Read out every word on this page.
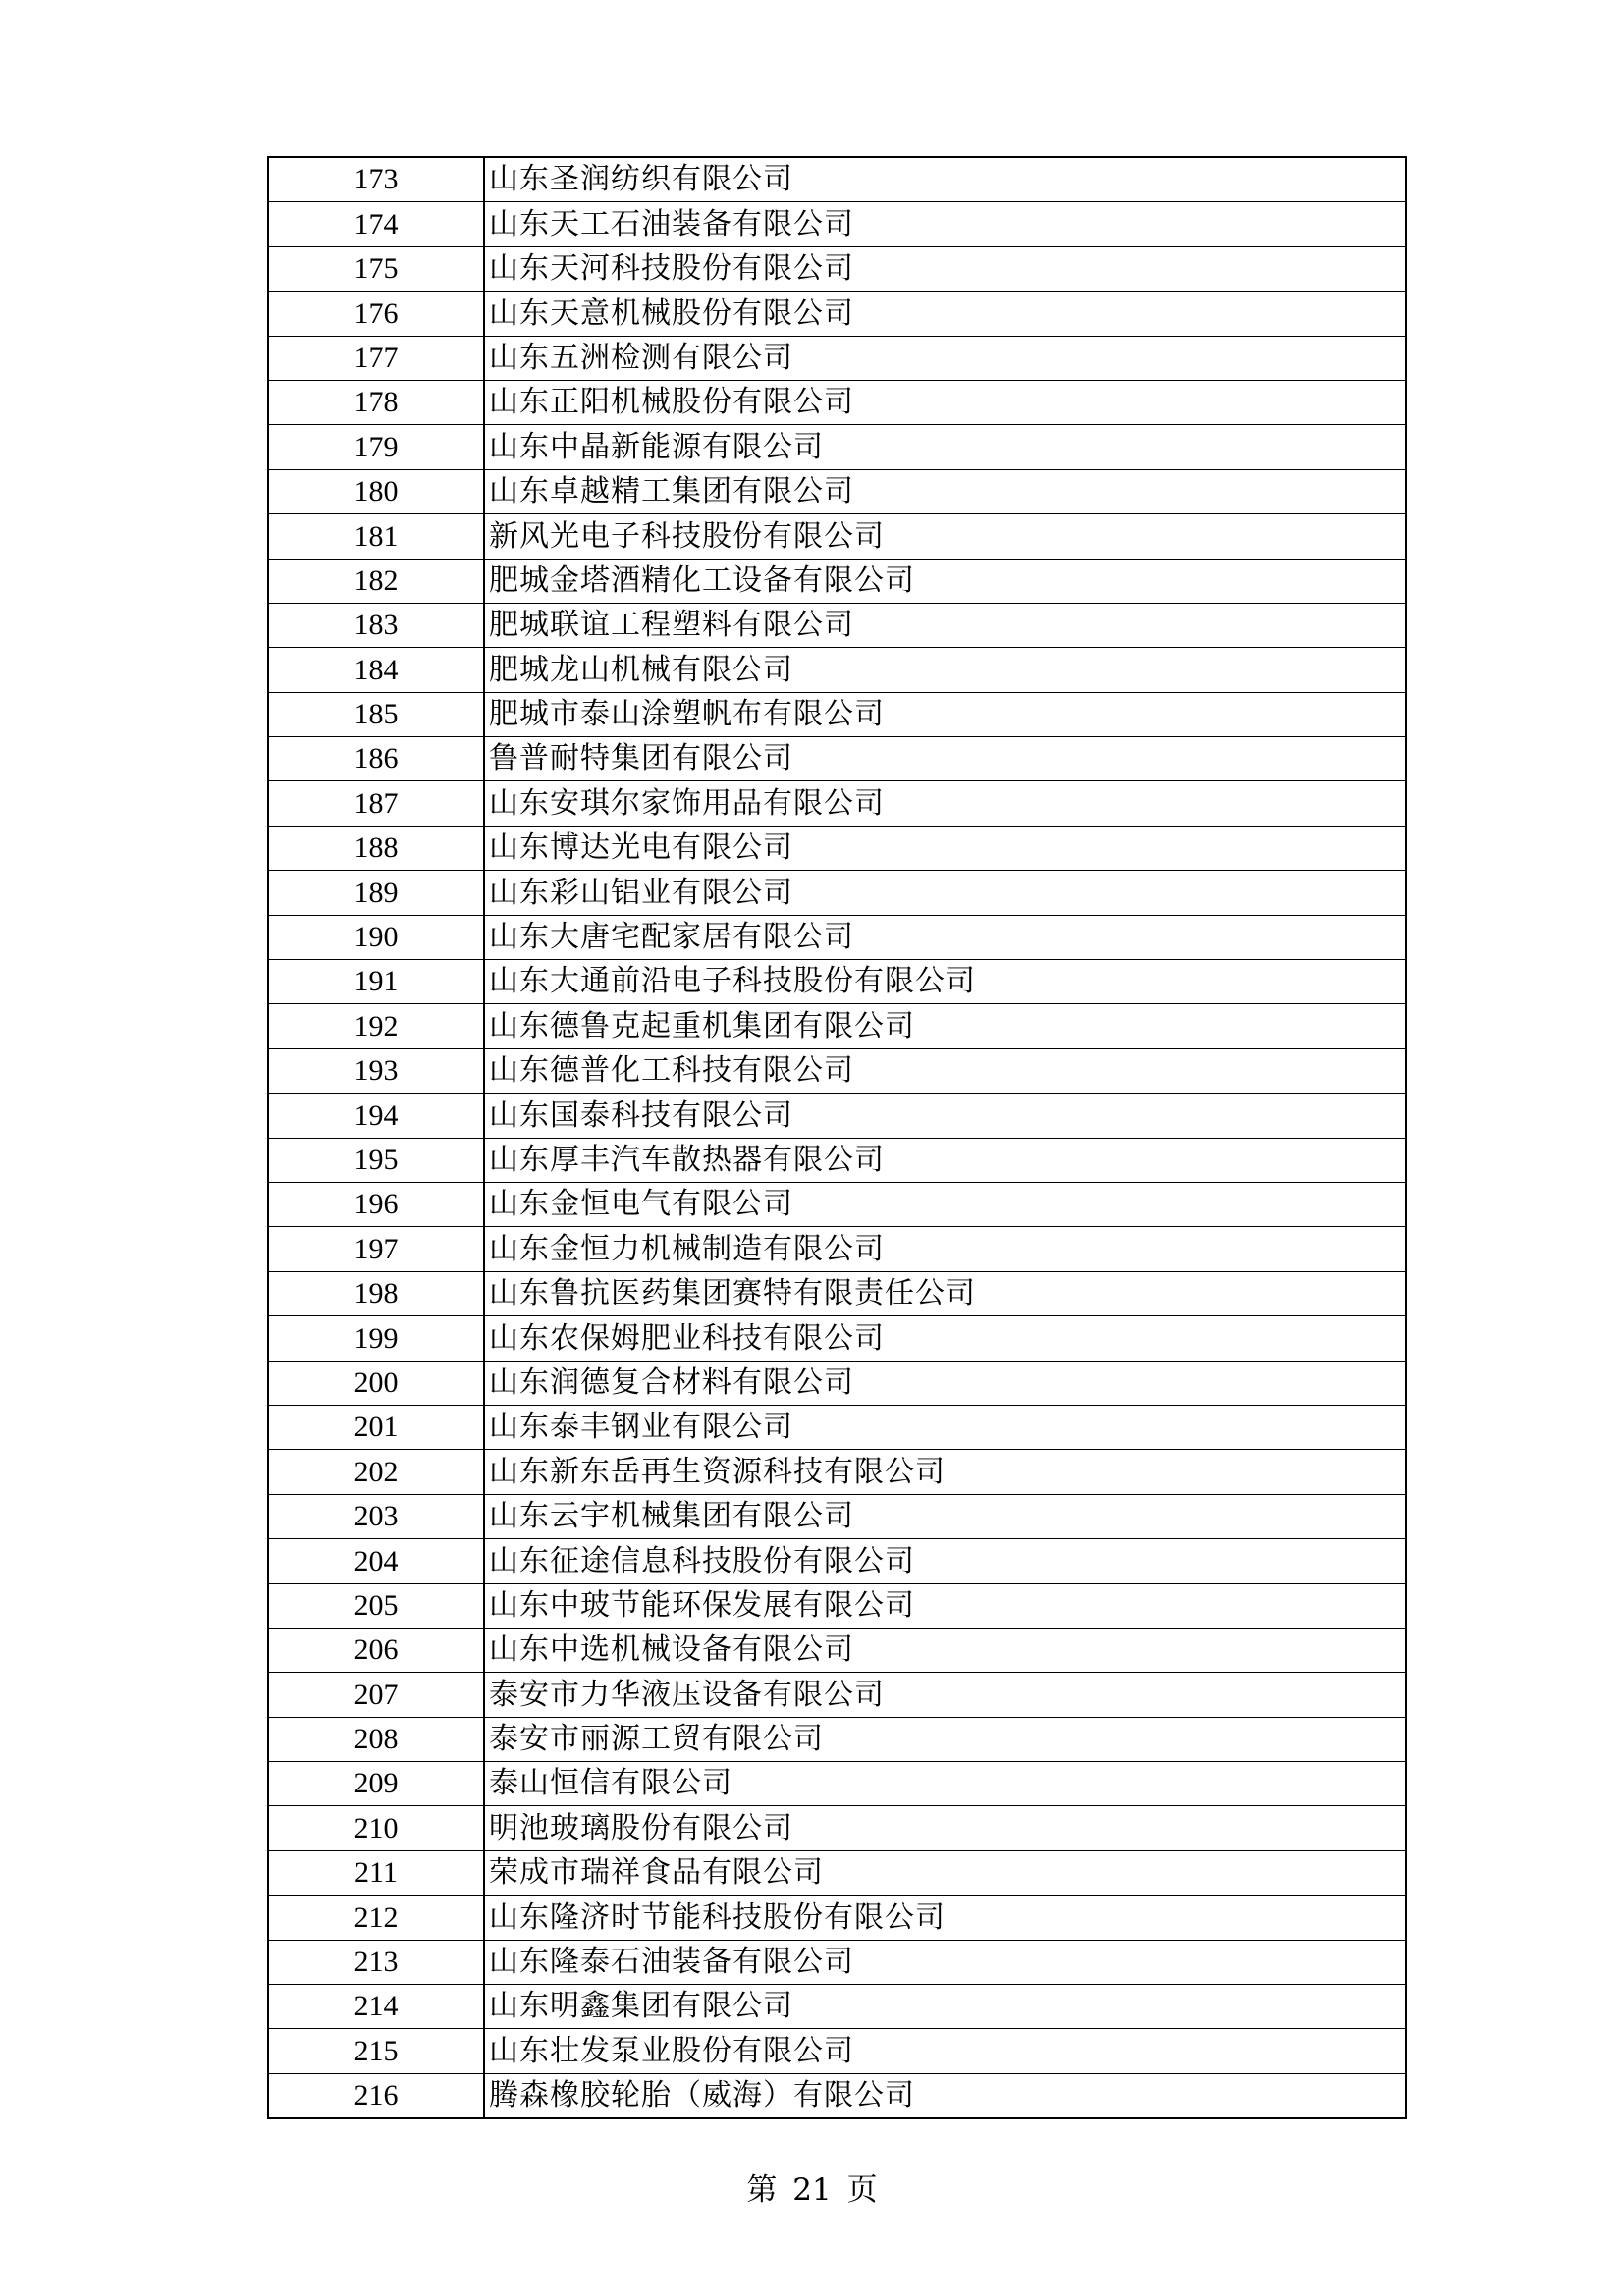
173	山东圣润纺织有限公司
174	山东天工石油装备有限公司
175	山东天河科技股份有限公司
176	山东天意机械股份有限公司
177	山东五洲检测有限公司
178	山东正阳机械股份有限公司
179	山东中晶新能源有限公司
180	山东卓越精工集团有限公司
181	新风光电子科技股份有限公司
182	肥城金塔酒精化工设备有限公司
183	肥城联谊工程塑料有限公司
184	肥城龙山机械有限公司
185	肥城市泰山涂塑帆布有限公司
186	鲁普耐特集团有限公司
187	山东安琪尔家饰用品有限公司
188	山东博达光电有限公司
189	山东彩山铝业有限公司
190	山东大唐宅配家居有限公司
191	山东大通前沿电子科技股份有限公司
192	山东德鲁克起重机集团有限公司
193	山东德普化工科技有限公司
194	山东国泰科技有限公司
195	山东厚丰汽车散热器有限公司
196	山东金恒电气有限公司
197	山东金恒力机械制造有限公司
198	山东鲁抗医药集团赛特有限责任公司
199	山东农保姆肥业科技有限公司
200	山东润德复合材料有限公司
201	山东泰丰钢业有限公司
202	山东新东岳再生资源科技有限公司
203	山东云宇机械集团有限公司
204	山东征途信息科技股份有限公司
205	山东中玻节能环保发展有限公司
206	山东中选机械设备有限公司
207	泰安市力华液压设备有限公司
208	泰安市丽源工贸有限公司
209	泰山恒信有限公司
210	明池玻璃股份有限公司
211	荣成市瑞祥食品有限公司
212	山东隆济时节能科技股份有限公司
213	山东隆泰石油装备有限公司
214	山东明鑫集团有限公司
215	山东壮发泵业股份有限公司
216	腾森橡胶轮胎（威海）有限公司
第 21 页
